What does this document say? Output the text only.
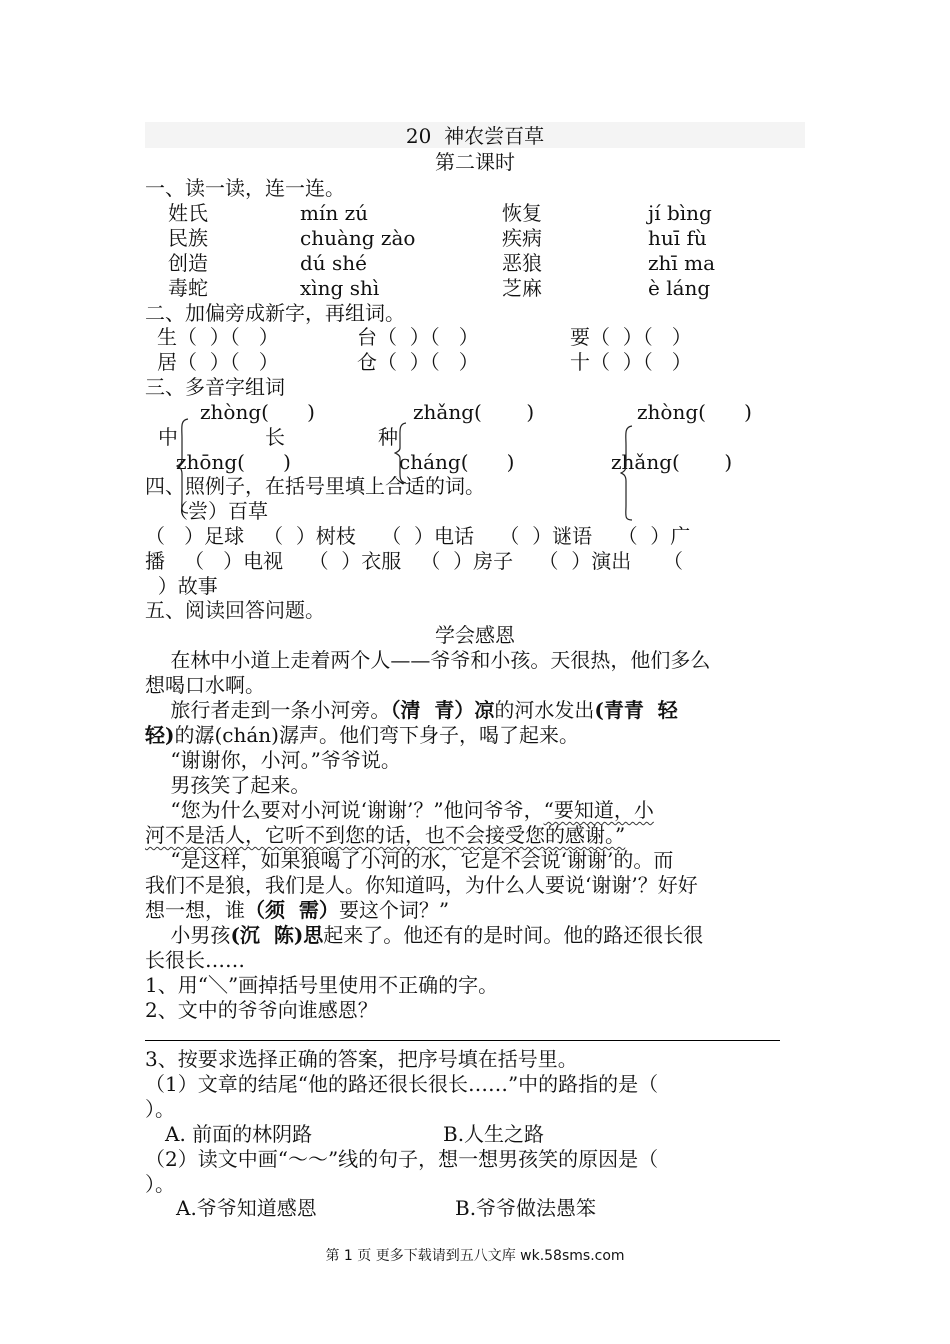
20  神农尝百草
第二课时
一、读一读，连一连。
姓氏	mín zú	恢复	jí bìng
民族	chuàng zào	疾病	huī fù
创造	dú shé	恶狼	zhī ma
毒蛇	xìng shì	芝麻	è láng
二、加偏旁成新字，再组词。
生（  ）（   ）	台（  ）（   ）	要（  ）（   ）
居（  ）（   ）	仓（  ）（   ）	十（  ）（   ）
三、多音字组词
zhòng(      )	zhǎng(       )	zhòng(      )
中	长	种
zhōng(      )	cháng(      )	zhǎng(       )
四、照例子，在括号里填上合适的词。
（尝）百草
（   ）足球   （  ）树枝    （  ）电话    （  ）谜语    （  ）广
播   （   ）电视    （  ）衣服   （  ）房子    （  ）演出     （
）故事
五、阅读回答问题。
学会感恩
在林中小道上走着两个人——爷爷和小孩。天很热，他们多么
想喝口水啊。
旅行者走到一条小河旁。（清  青）凉的河水发出(青青  轻
轻)的潺(chán)潺声。他们弯下身子，喝了起来。
“谢谢你，小河。”爷爷说。
男孩笑了起来。
“您为什么要对小河说‘谢谢’？”他问爷爷，“要知道，小
河不是活人，它听不到您的话，也不会接受您的感谢。”
“是这样，如果狼喝了小河的水，它是不会说‘谢谢’的。而
我们不是狼，我们是人。你知道吗，为什么人要说‘谢谢’？好好
想一想，谁（须  需）要这个词？”
小男孩(沉  陈)思起来了。他还有的是时间。他的路还很长很
长很长……
1、用“＼”画掉括号里使用不正确的字。
2、文中的爷爷向谁感恩？
3、按要求选择正确的答案，把序号填在括号里。
（1）文章的结尾“他的路还很长很长……”中的路指的是（
）。
A. 前面的林阴路	B.人生之路
（2）读文中画“～～”线的句子，想一想男孩笑的原因是（
）。
A.爷爷知道感恩	B.爷爷做法愚笨
第 1 页 更多下载请到五八文库 wk.58sms.com
